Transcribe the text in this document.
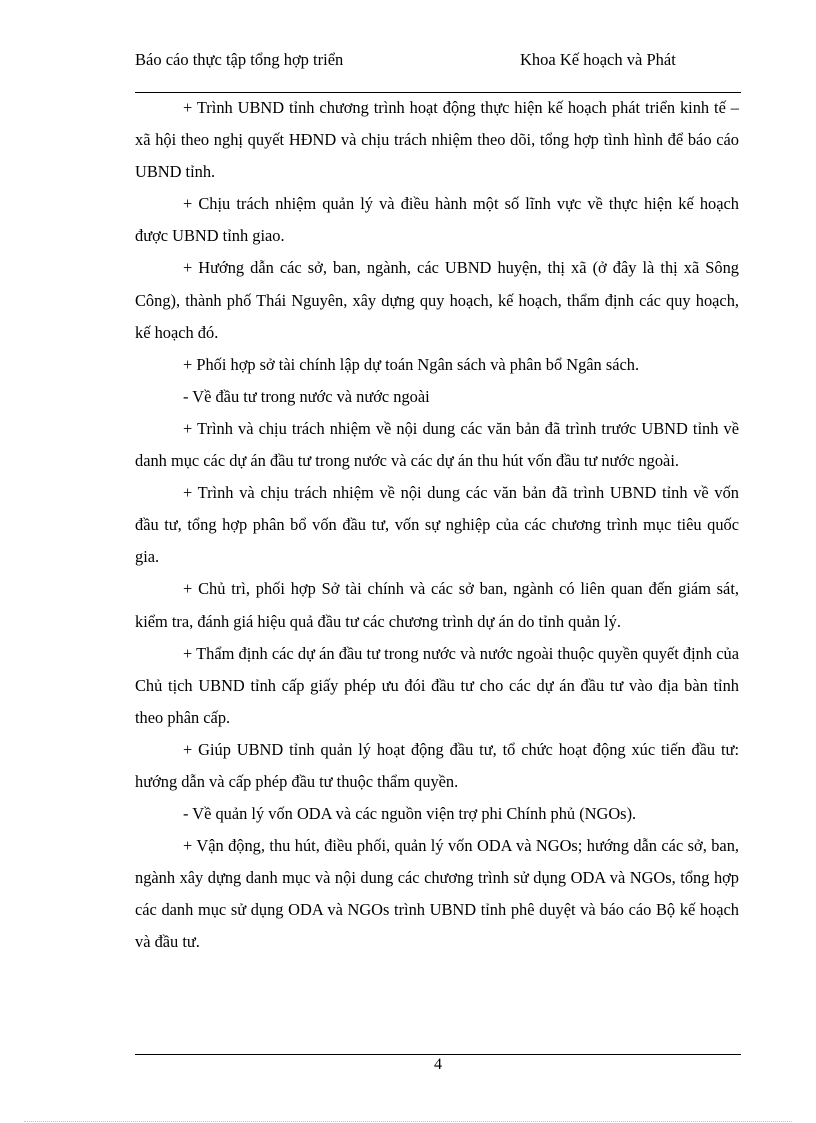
Báo cáo thực tập tổng hợp triển	Khoa Kế hoạch và Phát

+ Trình UBND tỉnh chương trình hoạt động thực hiện kế hoạch phát triển kinh tế – xã hội theo nghị quyết HĐND và chịu trách nhiệm theo dõi, tổng hợp tình hình để báo cáo UBND tỉnh.

+ Chịu trách nhiệm quản lý và điều hành một số lĩnh vực về thực hiện kế hoạch được UBND tỉnh giao.

+ Hướng dẫn các sở, ban, ngành, các UBND huyện, thị xã (ở đây là thị xã Sông Công), thành phố Thái Nguyên, xây dựng quy hoạch, kế hoạch, thẩm định các quy hoạch, kế hoạch đó.

+ Phối hợp sở tài chính lập dự toán Ngân sách và phân bổ Ngân sách.

- Về đầu tư trong nước và nước ngoài

+ Trình và chịu trách nhiệm về nội dung các văn bản đã trình trước UBND tỉnh về danh mục các dự án đầu tư trong nước và các dự án thu hút vốn đầu tư nước ngoài.

+ Trình và chịu trách nhiệm về nội dung các văn bản đã trình UBND tỉnh về vốn đầu tư, tổng hợp phân bổ vốn đầu tư, vốn sự nghiệp của các chương trình mục tiêu quốc gia.

+ Chủ trì, phối hợp Sở tài chính và các sở ban, ngành có liên quan đến giám sát, kiểm tra, đánh giá hiệu quả đầu tư các chương trình dự án do tỉnh quản lý.

+ Thẩm định các dự án đầu tư trong nước và nước ngoài thuộc quyền quyết định của Chủ tịch UBND tỉnh cấp giấy phép ưu đói đầu tư cho các dự án đầu tư vào địa bàn tỉnh theo phân cấp.

+ Giúp UBND tỉnh quản lý hoạt động đầu tư, tổ chức hoạt động xúc tiến đầu tư: hướng dẫn và cấp phép đầu tư thuộc thẩm quyền.

- Về quản lý vốn ODA và các nguồn viện trợ phi Chính phủ (NGOs).

+ Vận động, thu hút, điều phối, quản lý vốn ODA và NGOs; hướng dẫn các sở, ban, ngành xây dựng danh mục và nội dung các chương trình sử dụng ODA và NGOs, tổng hợp các danh mục sử dụng ODA và NGOs trình UBND tỉnh phê duyệt và báo cáo Bộ kế hoạch và đầu tư.

4
